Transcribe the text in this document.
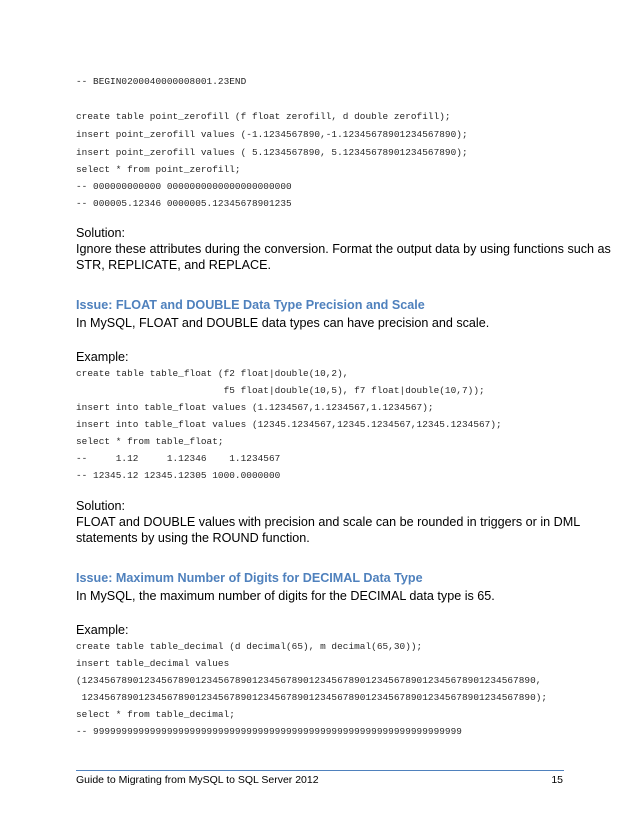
-- BEGIN0200040000008001.23END
create table point_zerofill (f float zerofill, d double zerofill);
insert point_zerofill values (-1.1234567890,-1.12345678901234567890);
insert point_zerofill values ( 5.1234567890, 5.12345678901234567890);
select * from point_zerofill;
-- 000000000000 0000000000000000000000
-- 000005.12346 0000005.12345678901235
Solution:
Ignore these attributes during the conversion. Format the output data by using functions such as
STR, REPLICATE, and REPLACE.
Issue: FLOAT and DOUBLE Data Type Precision and Scale
In MySQL, FLOAT and DOUBLE data types can have precision and scale.
Example:
create table table_float (f2 float|double(10,2),
f5 float|double(10,5), f7 float|double(10,7));
insert into table_float values (1.1234567,1.1234567,1.1234567);
insert into table_float values (12345.1234567,12345.1234567,12345.1234567);
select * from table_float;
--     1.12     1.12346    1.1234567
-- 12345.12 12345.12305 1000.0000000
Solution:
FLOAT and DOUBLE values with precision and scale can be rounded in triggers or in DML
statements by using the ROUND function.
Issue: Maximum Number of Digits for DECIMAL Data Type
In MySQL, the maximum number of digits for the DECIMAL data type is 65.
Example:
create table table_decimal (d decimal(65), m decimal(65,30));
insert table_decimal values
(12345678901234567890123456789012345678901234567890123456789012345678901234567890,
12345678901234567890123456789012345678901234567890123456789012345678901234567890);
select * from table_decimal;
-- 99999999999999999999999999999999999999999999999999999999999999999
Guide to Migrating from MySQL to SQL Server 2012	15
